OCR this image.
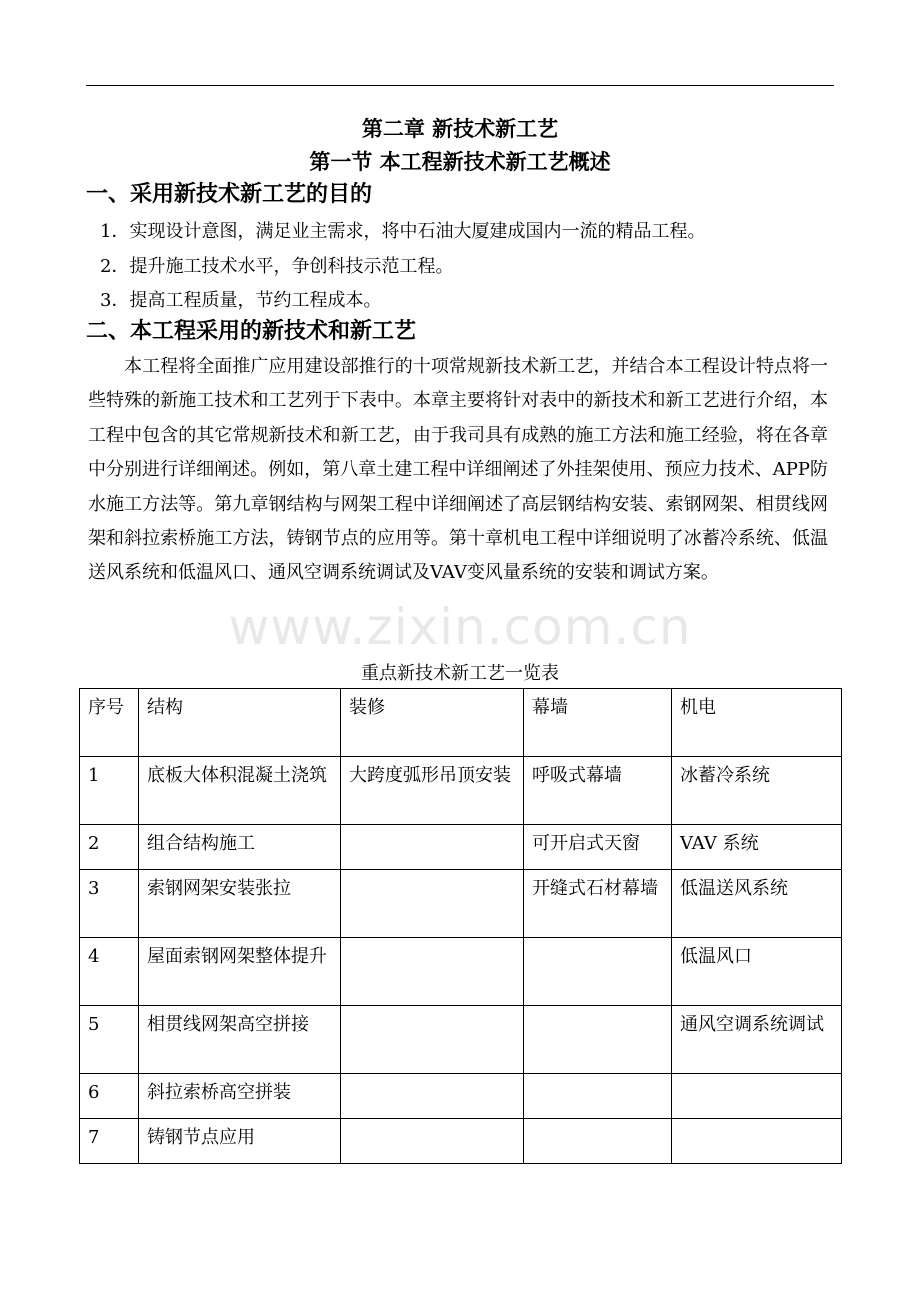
第二章 新技术新工艺
第一节 本工程新技术新工艺概述
一、采用新技术新工艺的目的
1．实现设计意图，满足业主需求，将中石油大厦建成国内一流的精品工程。
2．提升施工技术水平，争创科技示范工程。
3．提高工程质量，节约工程成本。
二、本工程采用的新技术和新工艺
本工程将全面推广应用建设部推行的十项常规新技术新工艺，并结合本工程设计特点将一些特殊的新施工技术和工艺列于下表中。本章主要将针对表中的新技术和新工艺进行介绍，本工程中包含的其它常规新技术和新工艺，由于我司具有成熟的施工方法和施工经验，将在各章中分别进行详细阐述。例如，第八章土建工程中详细阐述了外挂架使用、预应力技术、APP防水施工方法等。第九章钢结构与网架工程中详细阐述了高层钢结构安装、索钢网架、相贯线网架和斜拉索桥施工方法，铸钢节点的应用等。第十章机电工程中详细说明了冰蓄冷系统、低温送风系统和低温风口、通风空调系统调试及VAV变风量系统的安装和调试方案。
www.zixin.com.cn
重点新技术新工艺一览表
序号	结构	装修	幕墙	机电
1	底板大体积混凝土浇筑	大跨度弧形吊顶安装	呼吸式幕墙	冰蓄冷系统
2	组合结构施工		可开启式天窗	VAV 系统
3	索钢网架安装张拉		开缝式石材幕墙	低温送风系统
4	屋面索钢网架整体提升			低温风口
5	相贯线网架高空拼接			通风空调系统调试
6	斜拉索桥高空拼装			
7	铸钢节点应用			
